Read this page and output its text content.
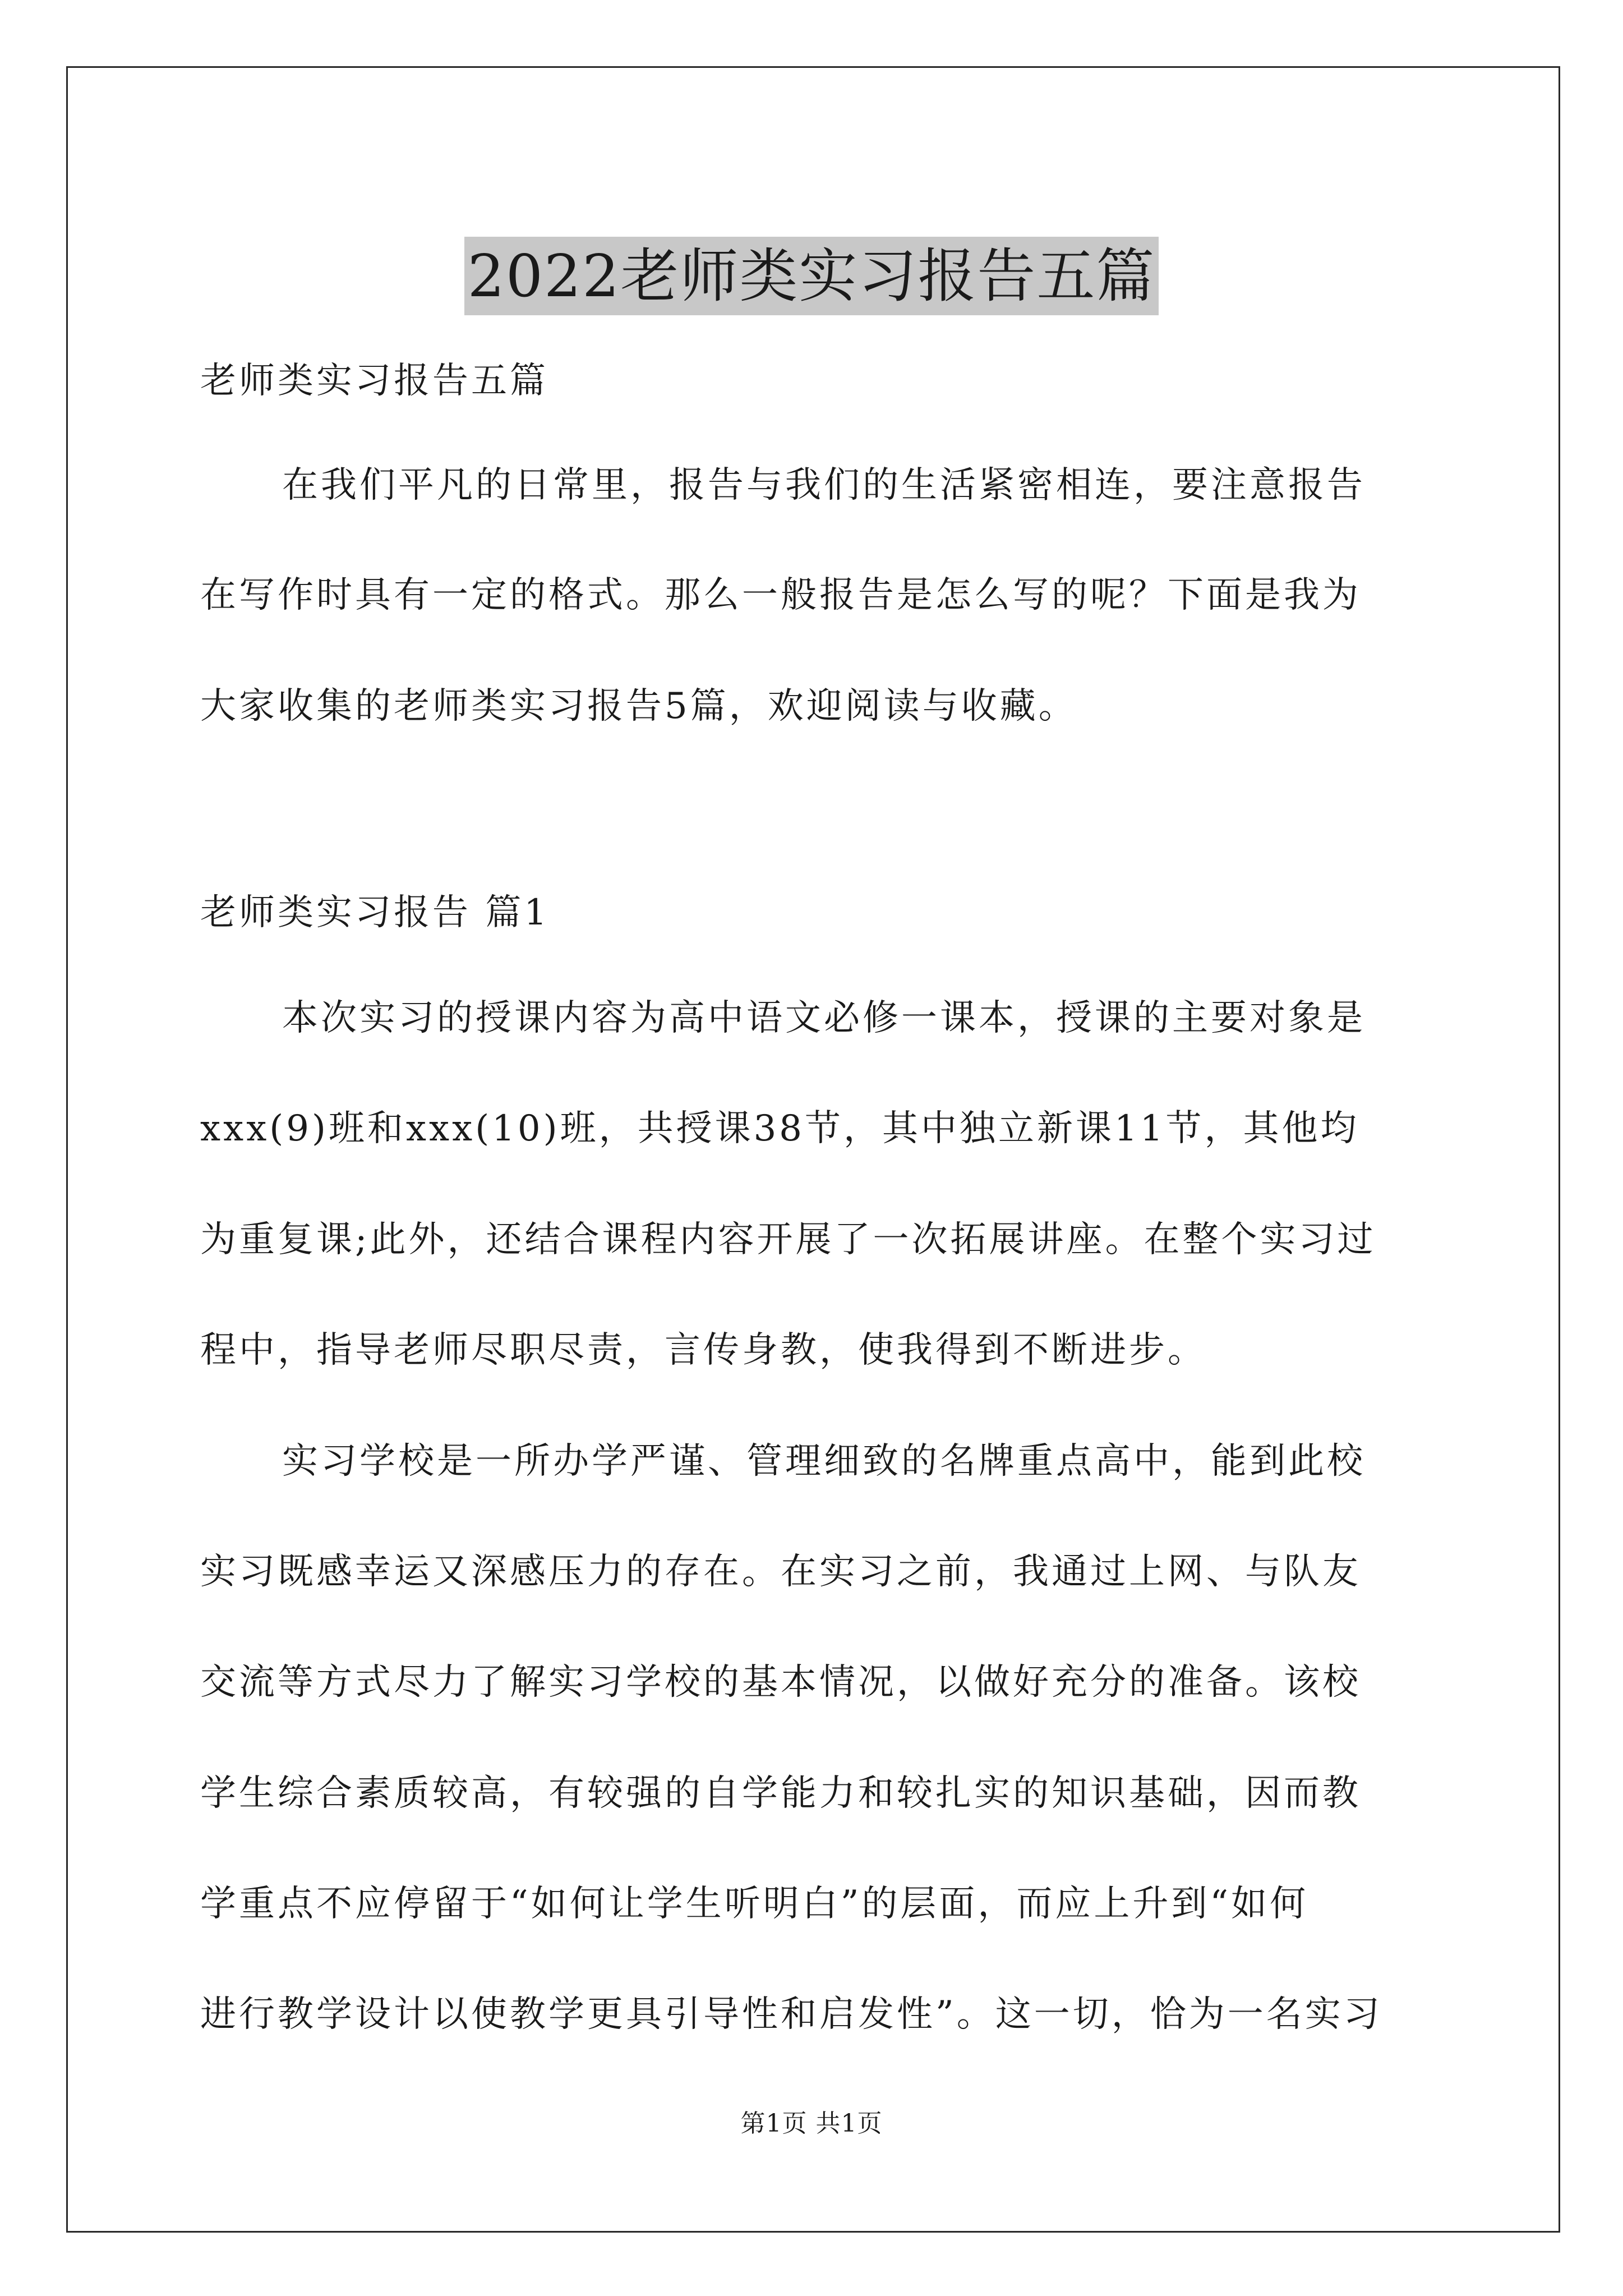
2022老师类实习报告五篇
老师类实习报告五篇
在我们平凡的日常里，报告与我们的生活紧密相连，要注意报告
在写作时具有一定的格式。那么一般报告是怎么写的呢？下面是我为
大家收集的老师类实习报告5篇，欢迎阅读与收藏。
老师类实习报告 篇1
本次实习的授课内容为高中语文必修一课本，授课的主要对象是
xxx(9)班和xxx(10)班，共授课38节，其中独立新课11节，其他均
为重复课;此外，还结合课程内容开展了一次拓展讲座。在整个实习过
程中，指导老师尽职尽责，言传身教，使我得到不断进步。
实习学校是一所办学严谨、管理细致的名牌重点高中，能到此校
实习既感幸运又深感压力的存在。在实习之前，我通过上网、与队友
交流等方式尽力了解实习学校的基本情况，以做好充分的准备。该校
学生综合素质较高，有较强的自学能力和较扎实的知识基础，因而教
学重点不应停留于“如何让学生听明白”的层面，而应上升到“如何
进行教学设计以使教学更具引导性和启发性”。这一切，恰为一名实习
第1页 共1页
